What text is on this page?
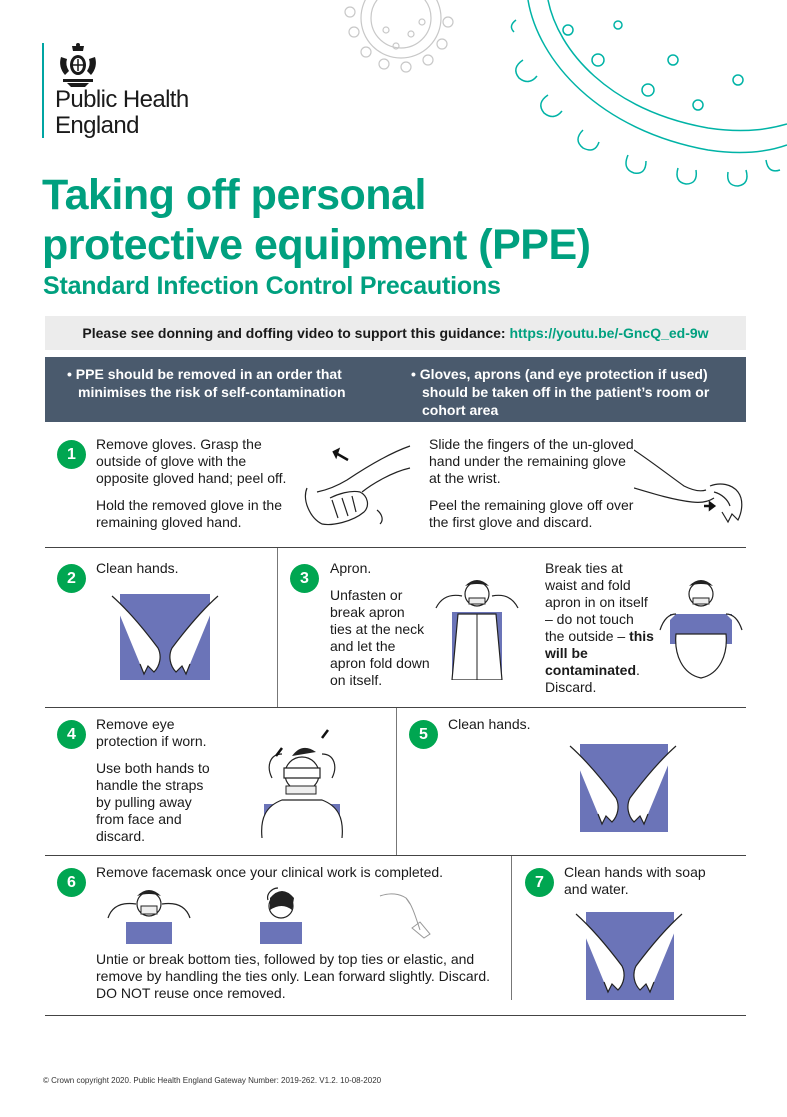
Public Health
England
Taking off personal
protective equipment (PPE)
Standard Infection Control Precautions
Please see donning and doffing video to support this guidance: https://youtu.be/-GncQ_ed-9w
• PPE should be removed in an order that minimises the risk of self-contamination
• Gloves, aprons (and eye protection if used) should be taken off in the patient’s room or cohort area
1

Remove gloves. Grasp the outside of glove with the opposite gloved hand; peel off.

Hold the removed glove in the remaining gloved hand.

Slide the fingers of the un-gloved hand under the remaining glove at the wrist.

Peel the remaining glove off over the first glove and discard.

2
Clean hands.
3

Apron.

Unfasten or break apron ties at the neck and let the apron fold down on itself.

Break ties at waist and fold apron in on itself – do not touch the outside – this will be contaminated. Discard.
4

Remove eye protection if worn.

Use both hands to handle the straps by pulling away from face and discard.

5
Clean hands.
6
Remove facemask once your clinical work is completed.
Untie or break bottom ties, followed by top ties or elastic, and remove by handling the ties only. Lean forward slightly. Discard. DO NOT reuse once removed.
7
Clean hands with soap and water.
© Crown copyright 2020. Public Health England Gateway Number: 2019-262. V1.2. 10-08-2020
